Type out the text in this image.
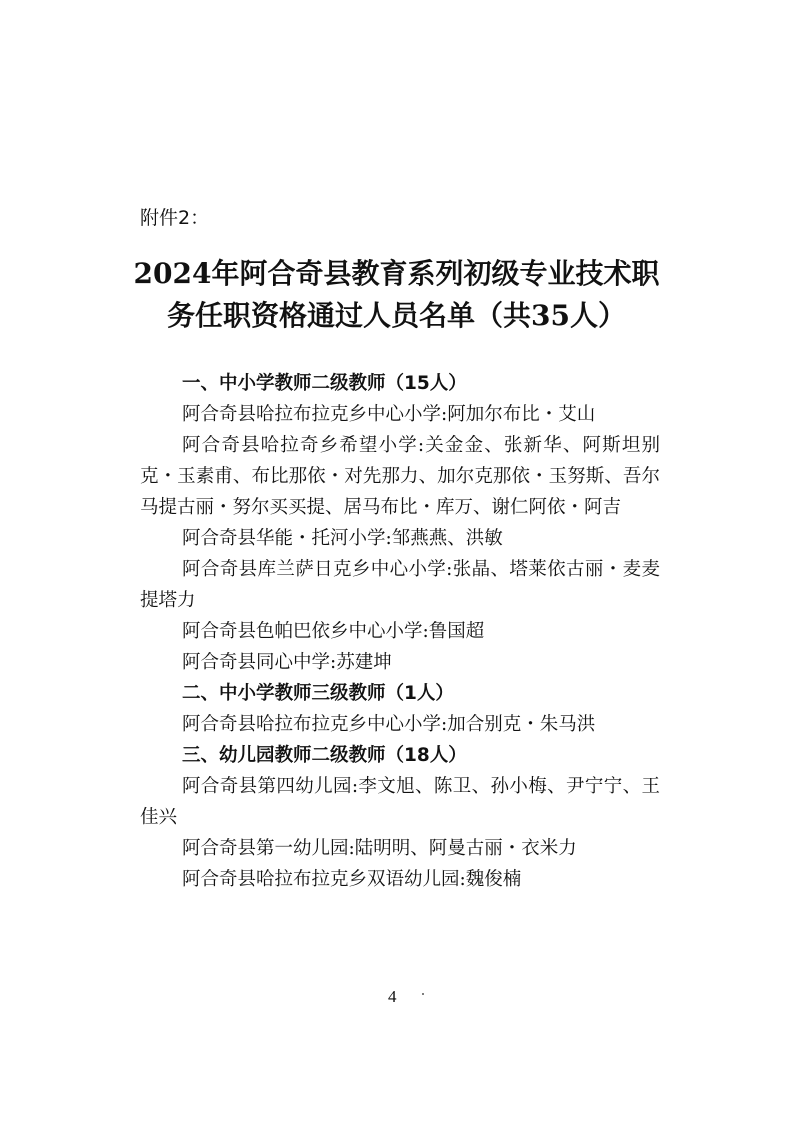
附件2：
2024年阿合奇县教育系列初级专业技术职
务任职资格通过人员名单（共35人）

一、中小学教师二级教师（15人）

阿合奇县哈拉布拉克乡中心小学:阿加尔布比・艾山

阿合奇县哈拉奇乡希望小学:关金金、张新华、阿斯坦别克・玉素甫、布比那依・对先那力、加尔克那依・玉努斯、吾尔马提古丽・努尔买买提、居马布比・库万、谢仁阿依・阿吉

阿合奇县华能・托河小学:邹燕燕、洪敏

阿合奇县库兰萨日克乡中心小学:张晶、塔莱依古丽・麦麦提塔力

阿合奇县色帕巴依乡中心小学:鲁国超

阿合奇县同心中学:苏建坤

二、中小学教师三级教师（1人）

阿合奇县哈拉布拉克乡中心小学:加合别克・朱马洪

三、幼儿园教师二级教师（18人）

阿合奇县第四幼儿园:李文旭、陈卫、孙小梅、尹宁宁、王佳兴

阿合奇县第一幼儿园:陆明明、阿曼古丽・衣米力

阿合奇县哈拉布拉克乡双语幼儿园:魏俊楠

4
